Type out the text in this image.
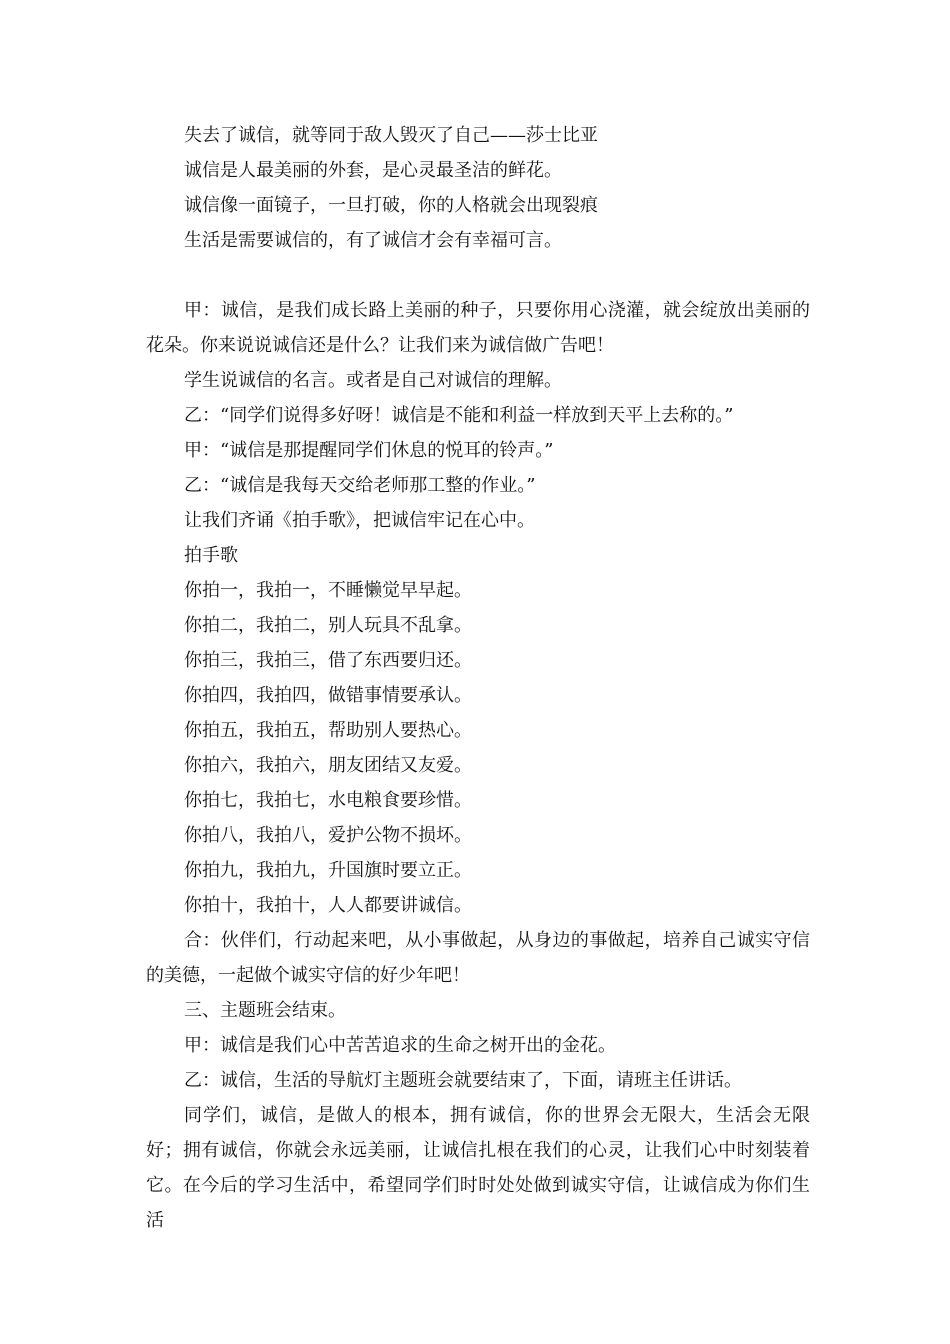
失去了诚信，就等同于敌人毁灭了自己——莎士比亚

诚信是人最美丽的外套，是心灵最圣洁的鲜花。

诚信像一面镜子，一旦打破，你的人格就会出现裂痕

生活是需要诚信的，有了诚信才会有幸福可言。

甲：诚信，是我们成长路上美丽的种子，只要你用心浇灌，就会绽放出美丽的花朵。你来说说诚信还是什么？让我们来为诚信做广告吧！

学生说诚信的名言。或者是自己对诚信的理解。

乙：“同学们说得多好呀！诚信是不能和利益一样放到天平上去称的。”

甲：“诚信是那提醒同学们休息的悦耳的铃声。”

乙：“诚信是我每天交给老师那工整的作业。”

让我们齐诵《拍手歌》，把诚信牢记在心中。

拍手歌

你拍一，我拍一，不睡懒觉早早起。

你拍二，我拍二，别人玩具不乱拿。

你拍三，我拍三，借了东西要归还。

你拍四，我拍四，做错事情要承认。

你拍五，我拍五，帮助别人要热心。

你拍六，我拍六，朋友团结又友爱。

你拍七，我拍七，水电粮食要珍惜。

你拍八，我拍八，爱护公物不损坏。

你拍九，我拍九，升国旗时要立正。

你拍十，我拍十，人人都要讲诚信。

合：伙伴们，行动起来吧，从小事做起，从身边的事做起，培养自己诚实守信的美德，一起做个诚实守信的好少年吧！

三、主题班会结束。

甲：诚信是我们心中苦苦追求的生命之树开出的金花。

乙：诚信，生活的导航灯主题班会就要结束了，下面，请班主任讲话。

同学们，诚信，是做人的根本，拥有诚信，你的世界会无限大，生活会无限好；拥有诚信，你就会永远美丽，让诚信扎根在我们的心灵，让我们心中时刻装着它。在今后的学习生活中，希望同学们时时处处做到诚实守信，让诚信成为你们生活
